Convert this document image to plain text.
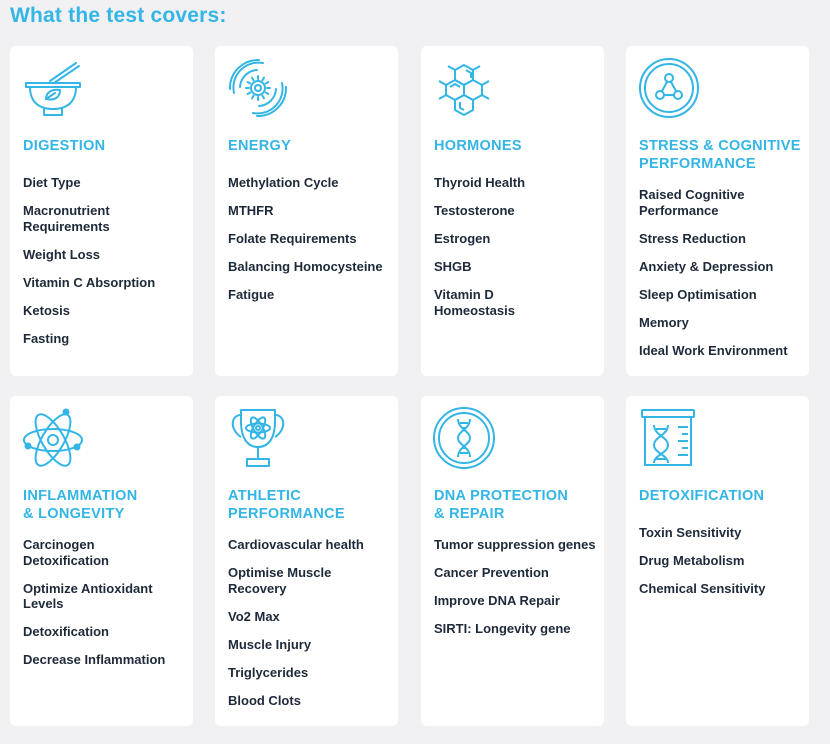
What the test covers:
DIGESTION
Diet Type
Macronutrient
Requirements
Weight Loss
Vitamin C Absorption
Ketosis
Fasting
ENERGY
Methylation Cycle
MTHFR
Folate Requirements
Balancing Homocysteine
Fatigue
HORMONES
Thyroid Health
Testosterone
Estrogen
SHGB
Vitamin D
Homeostasis
STRESS & COGNITIVE
PERFORMANCE
Raised Cognitive
Performance
Stress Reduction
Anxiety & Depression
Sleep Optimisation
Memory
Ideal Work Environment
INFLAMMATION
& LONGEVITY
Carcinogen
Detoxification
Optimize Antioxidant
Levels
Detoxification
Decrease Inflammation
ATHLETIC
PERFORMANCE
Cardiovascular health
Optimise Muscle
Recovery
Vo2 Max
Muscle Injury
Triglycerides
Blood Clots
DNA PROTECTION
& REPAIR
Tumor suppression genes
Cancer Prevention
Improve DNA Repair
SIRTI: Longevity gene
DETOXIFICATION
Toxin Sensitivity
Drug Metabolism
Chemical Sensitivity
